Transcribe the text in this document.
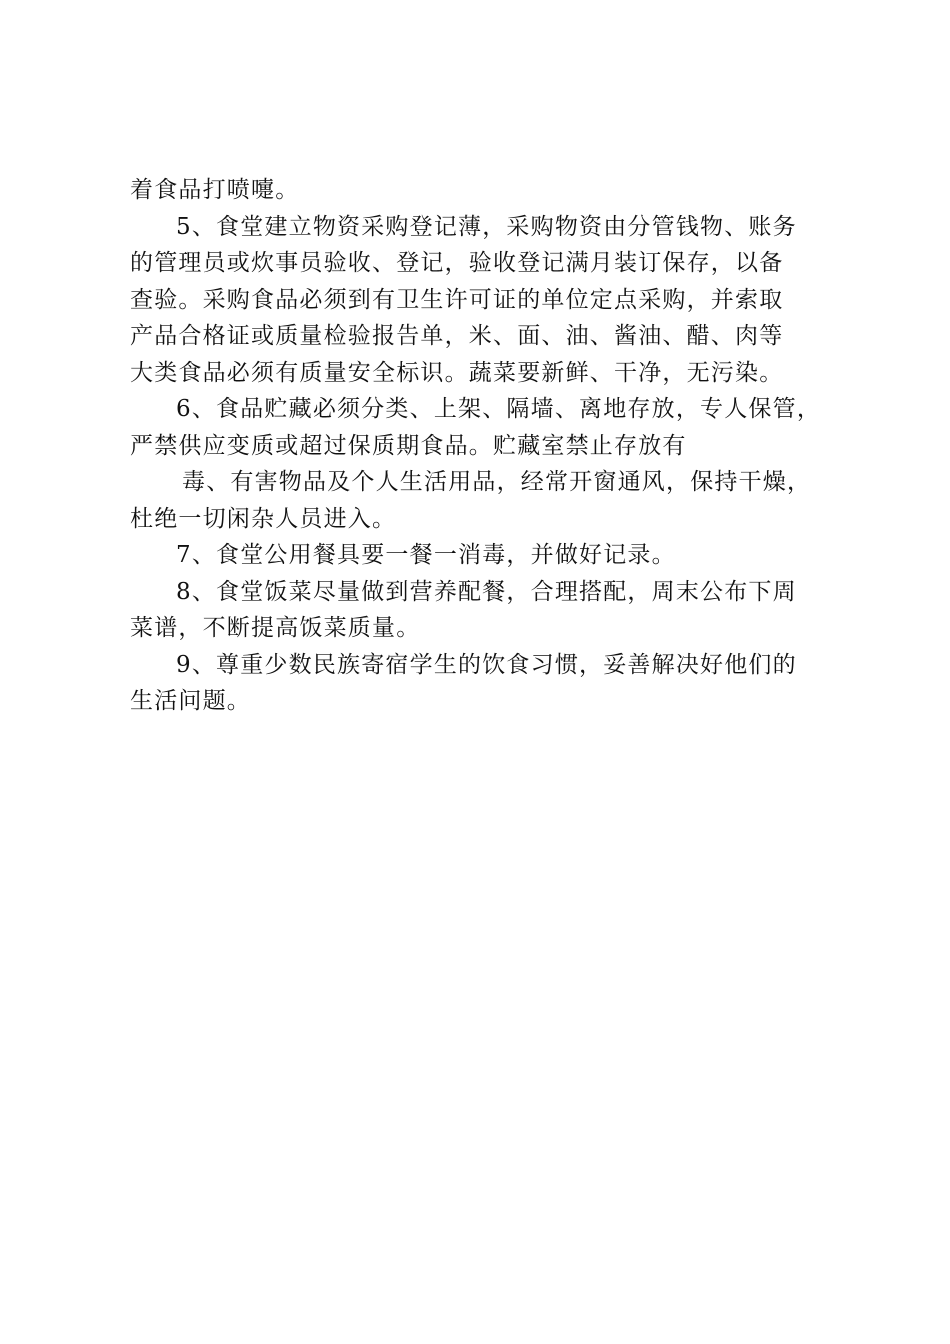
着食品打喷嚏。
5、食堂建立物资采购登记薄，采购物资由分管钱物、账务
的管理员或炊事员验收、登记，验收登记满月装订保存，以备
查验。采购食品必须到有卫生许可证的单位定点采购，并索取
产品合格证或质量检验报告单，米、面、油、酱油、醋、肉等
大类食品必须有质量安全标识。蔬菜要新鲜、干净，无污染。
6、食品贮藏必须分类、上架、隔墙、离地存放，专人保管，
严禁供应变质或超过保质期食品。贮藏室禁止存放有
毒、有害物品及个人生活用品，经常开窗通风，保持干燥，
杜绝一切闲杂人员进入。
7、食堂公用餐具要一餐一消毒，并做好记录。
8、食堂饭菜尽量做到营养配餐，合理搭配，周末公布下周
菜谱，不断提高饭菜质量。
9、尊重少数民族寄宿学生的饮食习惯，妥善解决好他们的
生活问题。
